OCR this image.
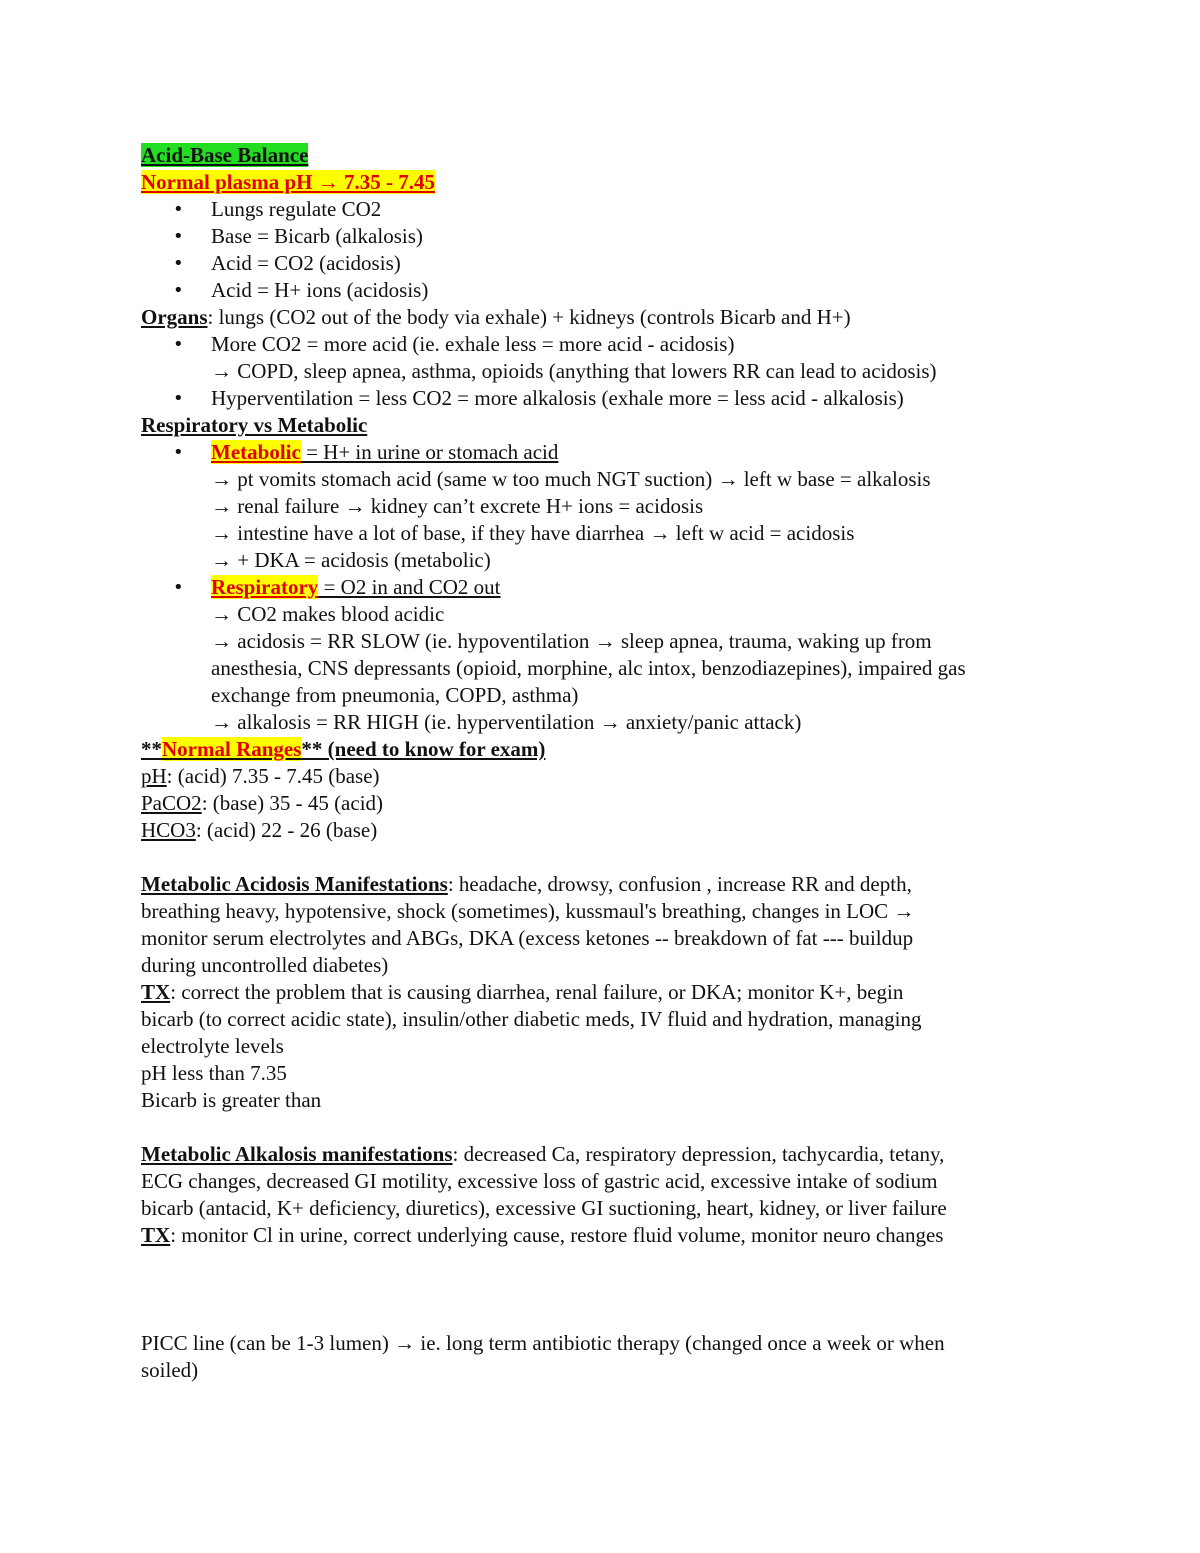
Acid-Base Balance
Normal plasma pH → 7.35 - 7.45
• Lungs regulate CO2
• Base = Bicarb (alkalosis)
• Acid = CO2 (acidosis)
• Acid = H+ ions (acidosis)
Organs: lungs (CO2 out of the body via exhale) + kidneys (controls Bicarb and H+)
• More CO2 = more acid (ie. exhale less = more acid - acidosis)
→ COPD, sleep apnea, asthma, opioids (anything that lowers RR can lead to acidosis)
• Hyperventilation = less CO2 = more alkalosis (exhale more = less acid - alkalosis)
Respiratory vs Metabolic
• Metabolic = H+ in urine or stomach acid
→ pt vomits stomach acid (same w too much NGT suction) → left w base = alkalosis
→ renal failure → kidney can’t excrete H+ ions = acidosis
→ intestine have a lot of base, if they have diarrhea → left w acid = acidosis
→ + DKA = acidosis (metabolic)
• Respiratory = O2 in and CO2 out
→ CO2 makes blood acidic
→ acidosis = RR SLOW (ie. hypoventilation → sleep apnea, trauma, waking up from
anesthesia, CNS depressants (opioid, morphine, alc intox, benzodiazepines), impaired gas
exchange from pneumonia, COPD, asthma)
→ alkalosis = RR HIGH (ie. hyperventilation → anxiety/panic attack)
**Normal Ranges** (need to know for exam)
pH: (acid) 7.35 - 7.45 (base)
PaCO2: (base) 35 - 45 (acid)
HCO3: (acid) 22 - 26 (base)
Metabolic Acidosis Manifestations: headache, drowsy, confusion , increase RR and depth,
breathing heavy, hypotensive, shock (sometimes), kussmaul's breathing, changes in LOC →
monitor serum electrolytes and ABGs, DKA (excess ketones -- breakdown of fat --- buildup
during uncontrolled diabetes)
TX: correct the problem that is causing diarrhea, renal failure, or DKA; monitor K+, begin
bicarb (to correct acidic state), insulin/other diabetic meds, IV fluid and hydration, managing
electrolyte levels
pH less than 7.35
Bicarb is greater than
Metabolic Alkalosis manifestations: decreased Ca, respiratory depression, tachycardia, tetany,
ECG changes, decreased GI motility, excessive loss of gastric acid, excessive intake of sodium
bicarb (antacid, K+ deficiency, diuretics), excessive GI suctioning, heart, kidney, or liver failure
TX: monitor Cl in urine, correct underlying cause, restore fluid volume, monitor neuro changes
PICC line (can be 1-3 lumen) → ie. long term antibiotic therapy (changed once a week or when
soiled)
